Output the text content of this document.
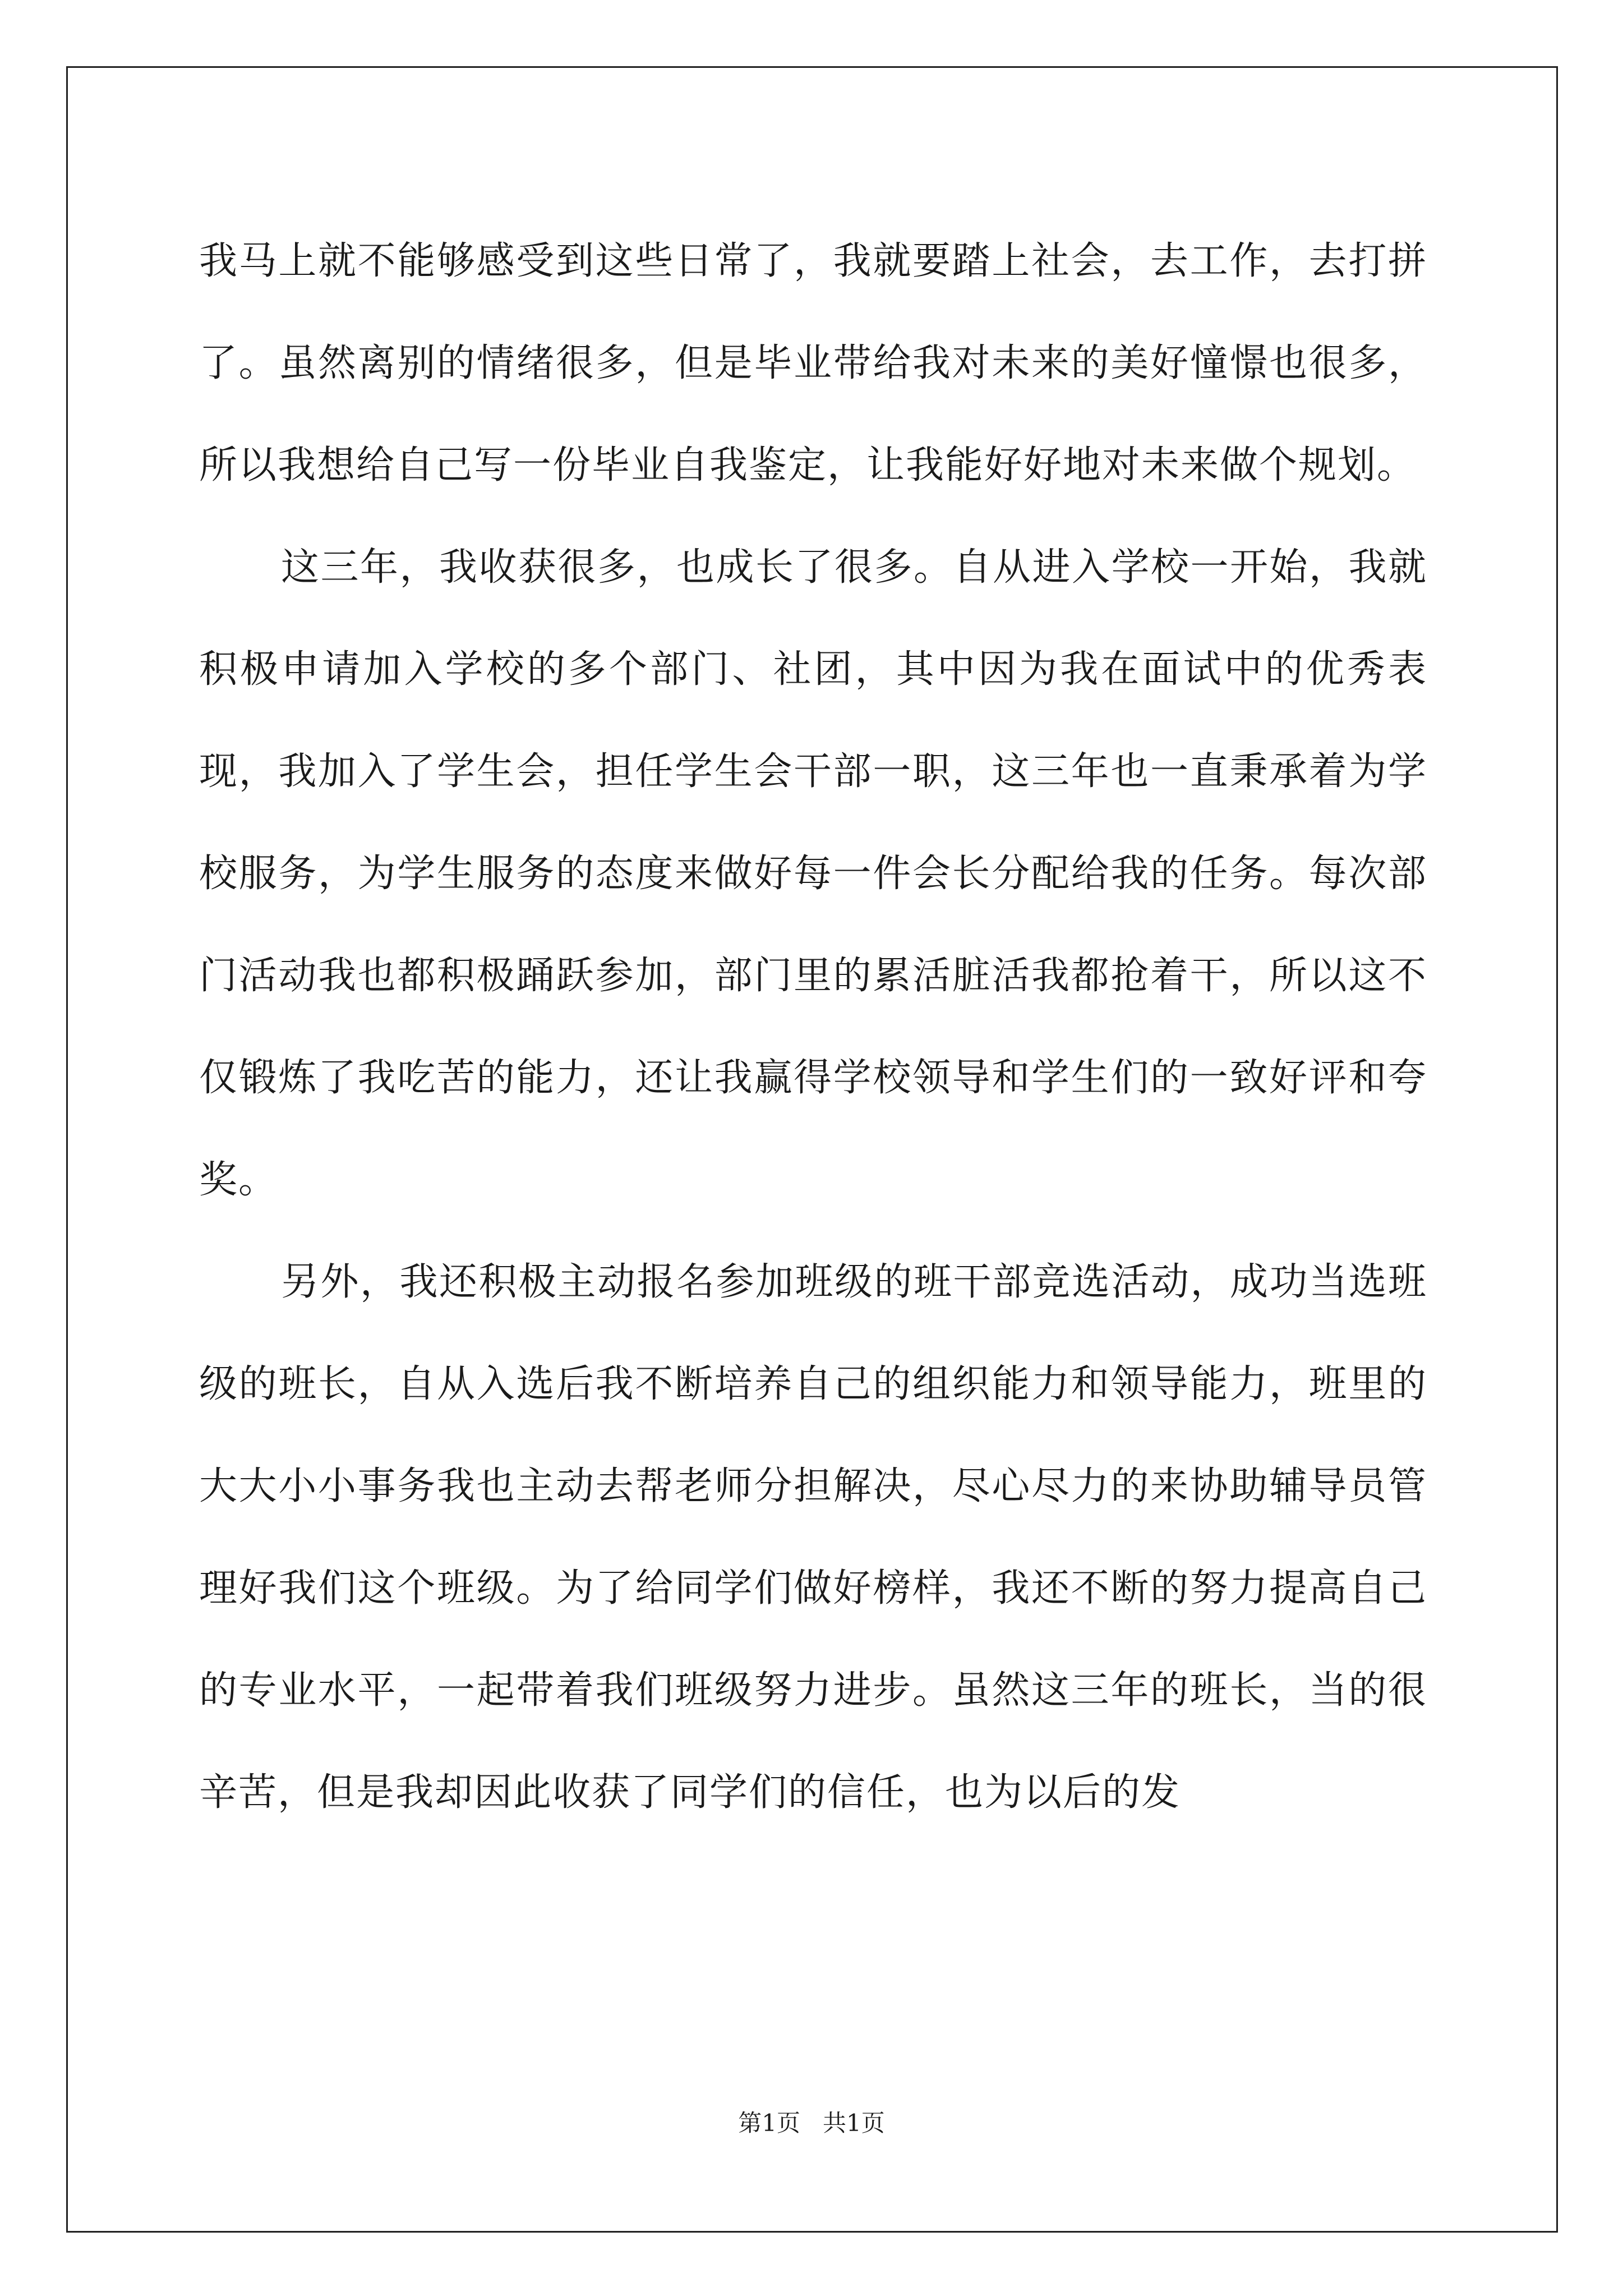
我马上就不能够感受到这些日常了，我就要踏上社会，去工作，去打拼了。虽然离别的情绪很多，但是毕业带给我对未来的美好憧憬也很多，所以我想给自己写一份毕业自我鉴定，让我能好好地对未来做个规划。

这三年，我收获很多，也成长了很多。自从进入学校一开始，我就积极申请加入学校的多个部门、社团，其中因为我在面试中的优秀表现，我加入了学生会，担任学生会干部一职，这三年也一直秉承着为学校服务，为学生服务的态度来做好每一件会长分配给我的任务。每次部门活动我也都积极踊跃参加，部门里的累活脏活我都抢着干，所以这不仅锻炼了我吃苦的能力，还让我赢得学校领导和学生们的一致好评和夸奖。

另外，我还积极主动报名参加班级的班干部竞选活动，成功当选班级的班长，自从入选后我不断培养自己的组织能力和领导能力，班里的大大小小事务我也主动去帮老师分担解决，尽心尽力的来协助辅导员管理好我们这个班级。为了给同学们做好榜样，我还不断的努力提高自己的专业水平，一起带着我们班级努力进步。虽然这三年的班长，当的很辛苦，但是我却因此收获了同学们的信任，也为以后的发

第1页 共1页
